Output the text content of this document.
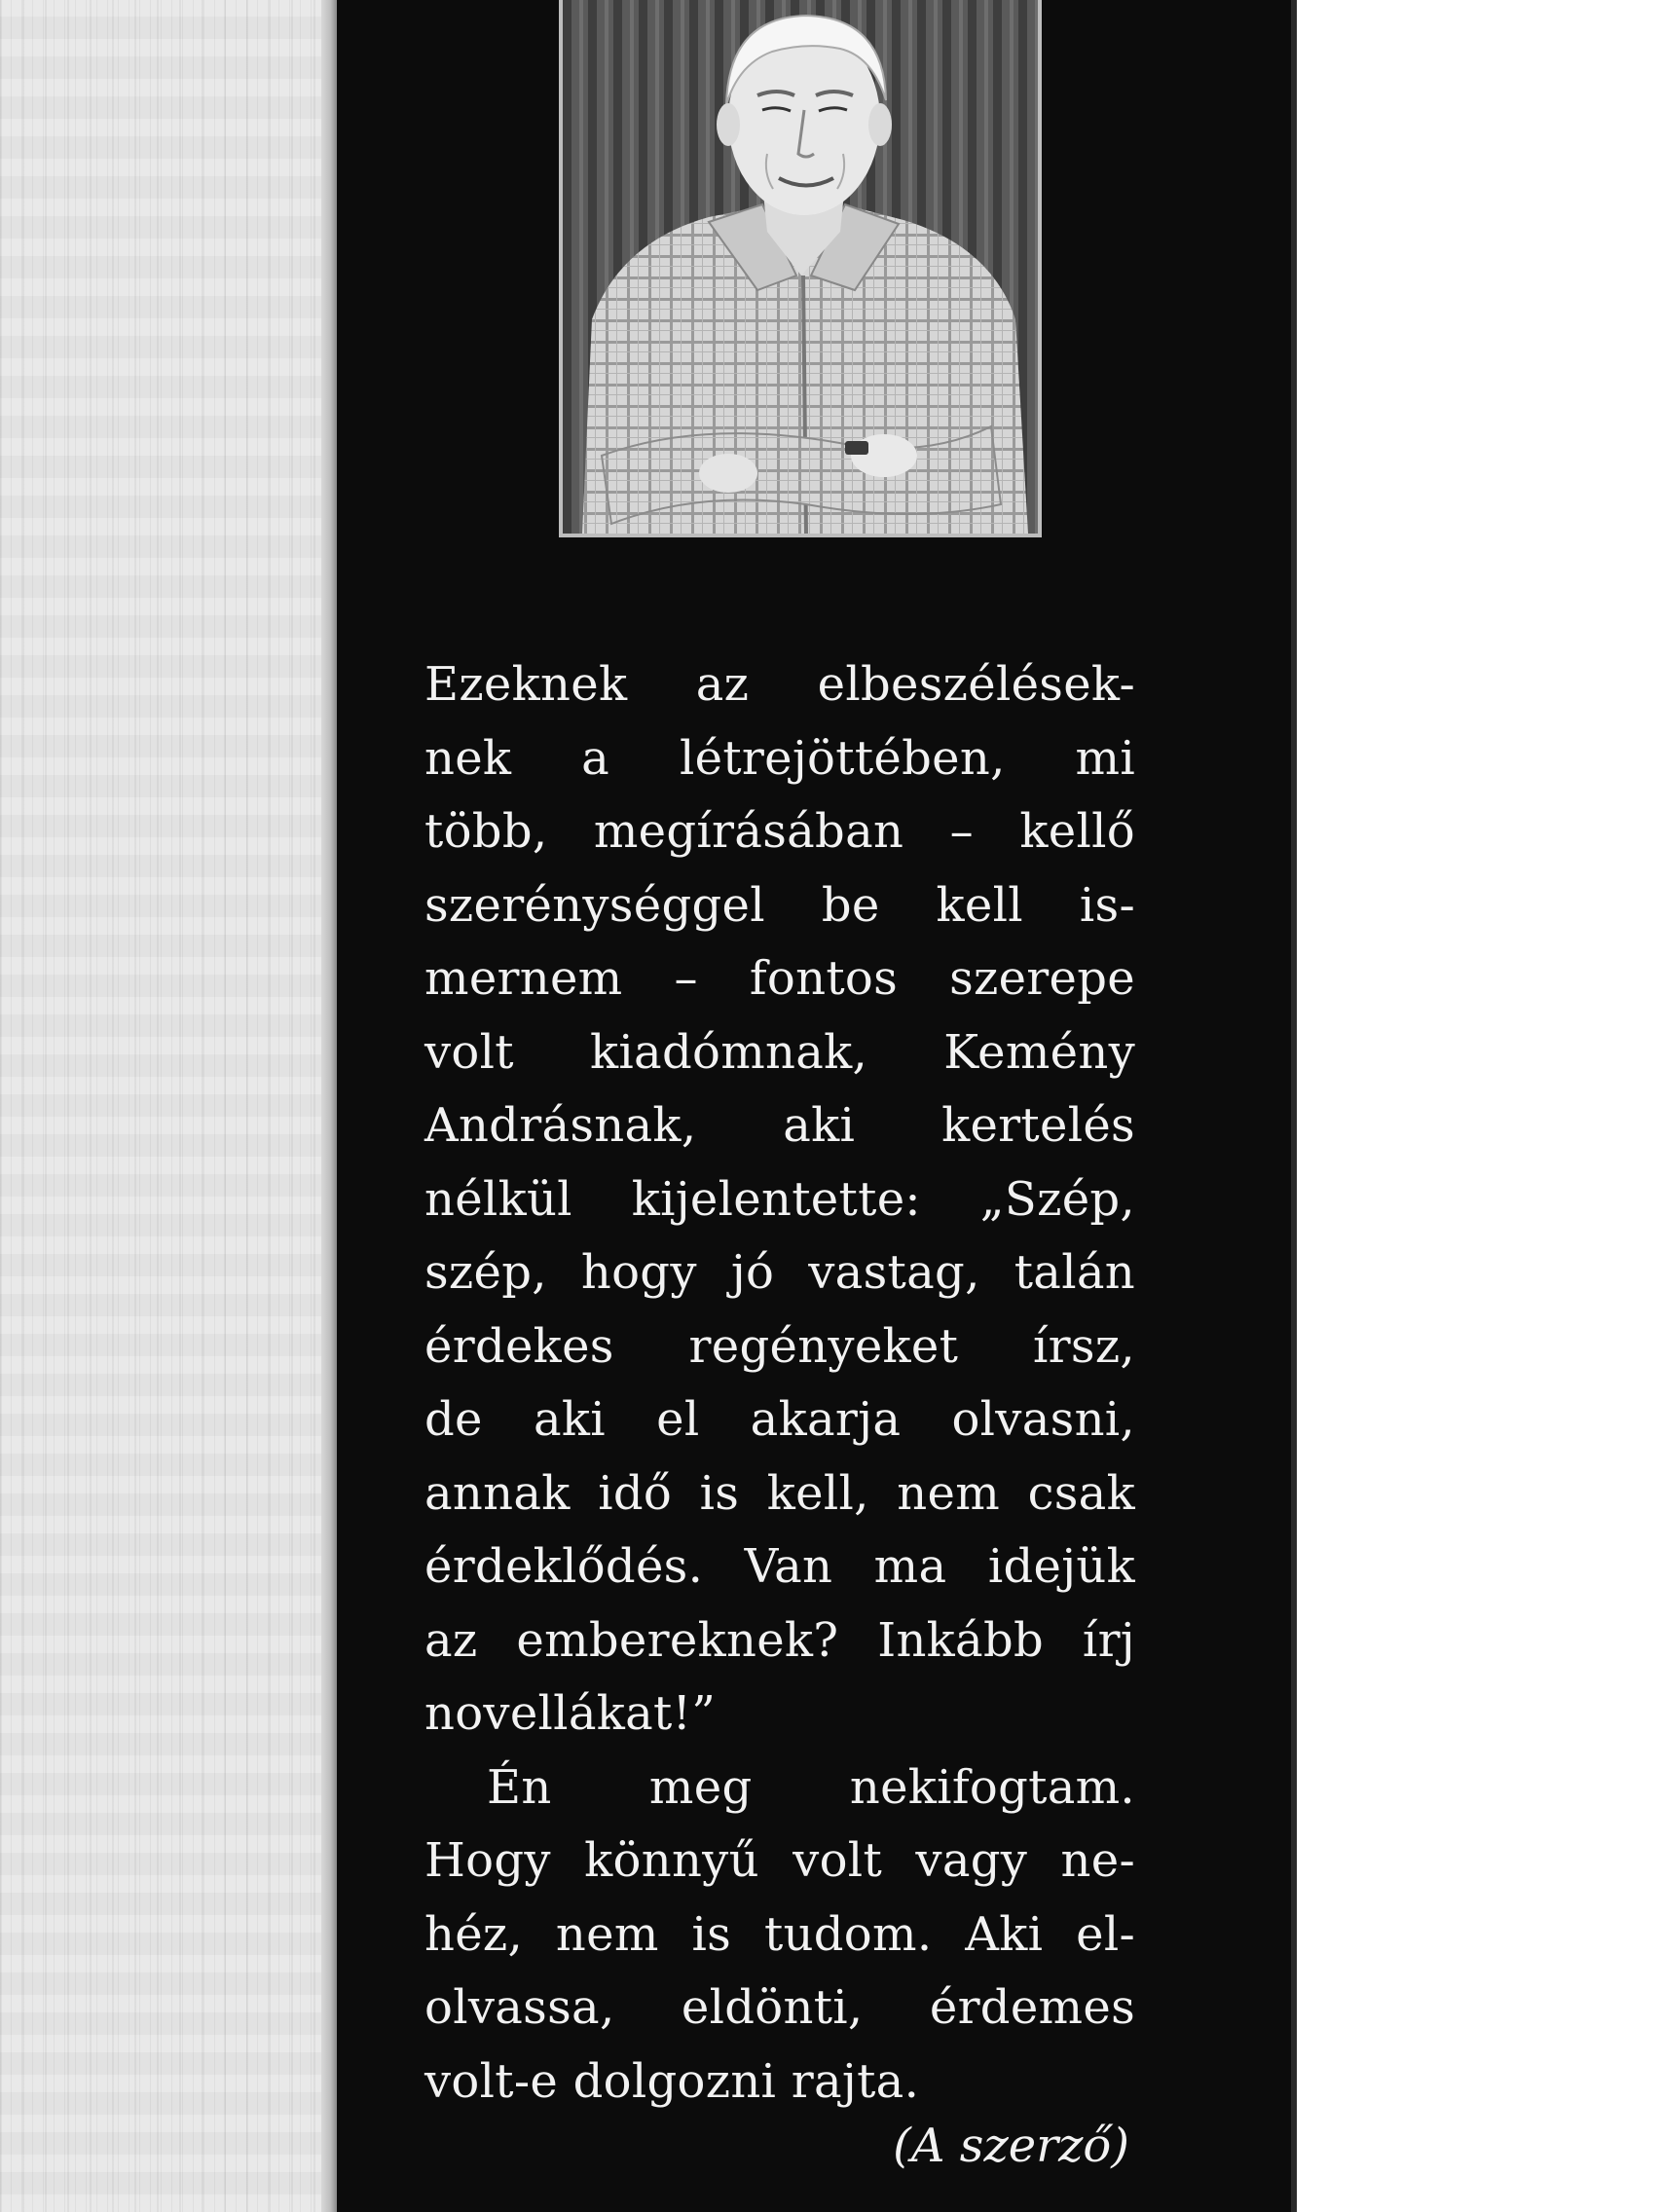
Ezeknek az elbeszélések-
nek a létrejöttében, mi
több, megírásában – kellő
szerénységgel be kell is-
mernem – fontos szerepe
volt kiadómnak, Kemény
Andrásnak, aki kertelés
nélkül kijelentette: „Szép,
szép, hogy jó vastag, talán
érdekes regényeket írsz,
de aki el akarja olvasni,
annak idő is kell, nem csak
érdeklődés. Van ma idejük
az embereknek? Inkább írj
novellákat!”
Én meg nekifogtam.
Hogy könnyű volt vagy ne-
héz, nem is tudom. Aki el-
olvassa, eldönti, érdemes
volt-e dolgozni rajta.
(A szerző)
